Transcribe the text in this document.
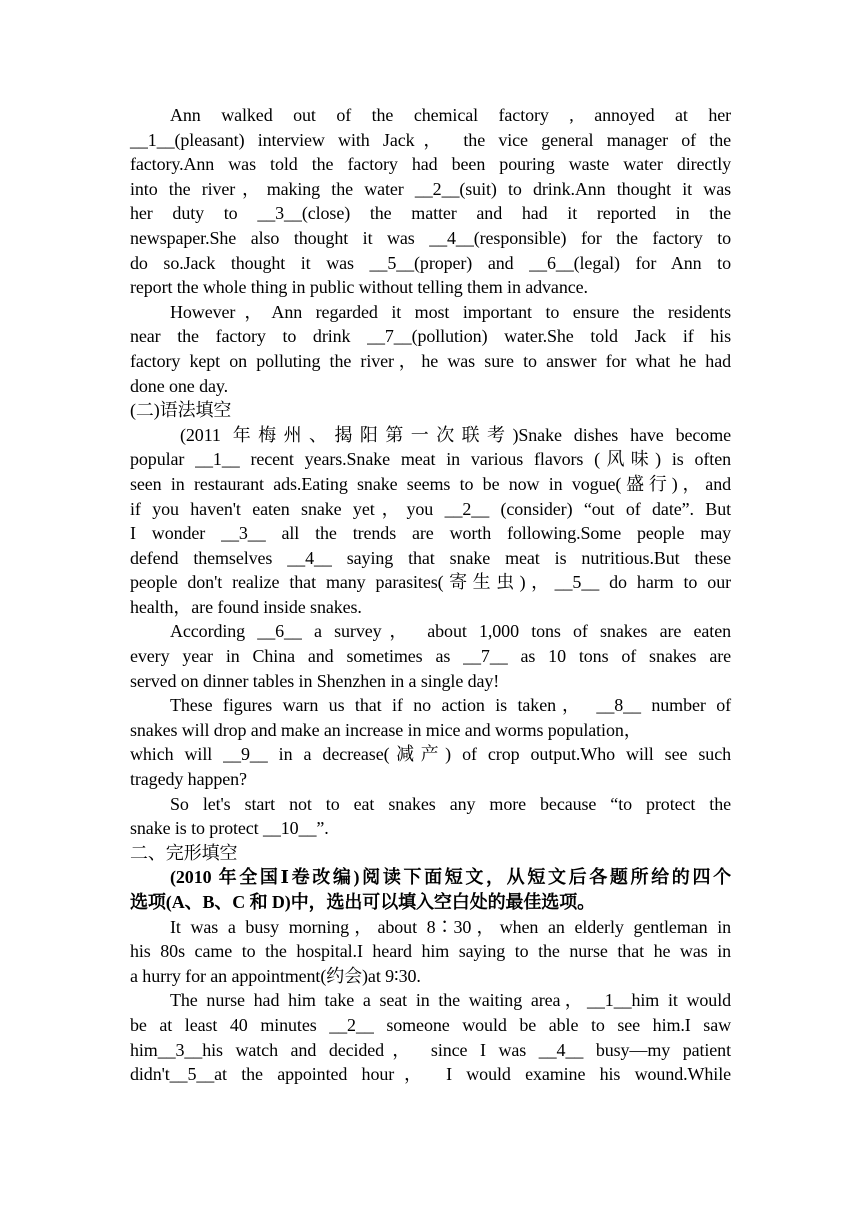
Ann walked out of the chemical factory , annoyed at her
__1__(pleasant) interview with Jack， the vice general manager of the
factory.Ann was told the factory had been pouring waste water directly
into the river，making the water __2__(suit) to drink.Ann thought it was
her duty to __3__(close) the matter and had it reported in the
newspaper.She also thought it was __4__(responsible) for the factory to
do so.Jack thought it was __5__(proper) and __6__(legal) for Ann to
report the whole thing in public without telling them in advance.
However，Ann regarded it most important to ensure the residents
near the factory to drink __7__(pollution) water.She told Jack if his
factory kept on polluting the river，he was sure to answer for what he had
done one day.
(二)语法填空
(2011 年梅州、揭阳第一次联考)Snake dishes have become
popular __1__ recent years.Snake meat in various flavors (风味) is often
seen in restaurant ads.Eating snake seems to be now in vogue(盛行)，and
if you haven't eaten snake yet，you __2__ (consider) “out of date”. But
I wonder __3__ all the trends are worth following.Some people may
defend themselves __4__ saying that snake meat is nutritious.But these
people don't realize that many parasites(寄生虫)，__5__ do harm to our
health，are found inside snakes.
According __6__ a survey， about 1,000 tons of snakes are eaten
every year in China and sometimes as __7__ as 10 tons of snakes are
served on dinner tables in Shenzhen in a single day!
These figures warn us that if no action is taken， __8__ number of
snakes will drop and make an increase in mice and worms population，
which will __9__ in a decrease(减产) of crop output.Who will see such
tragedy happen?
So let's start not to eat snakes any more because “to protect the
snake is to protect __10__”.
二、完形填空
(2010 年全国Ⅰ卷改编)阅读下面短文，从短文后各题所给的四个
选项(A、B、C 和 D)中，选出可以填入空白处的最佳选项。
It was a busy morning，about 8∶30，when an elderly gentleman in
his 80s came to the hospital.I heard him saying to the nurse that he was in
a hurry for an appointment(约会)at 9∶30.
The nurse had him take a seat in the waiting area，__1__him it would
be at least 40 minutes __2__ someone would be able to see him.I saw
him__3__his watch and decided， since I was __4__ busy—my patient
didn't__5__at the appointed hour， I would examine his wound.While
